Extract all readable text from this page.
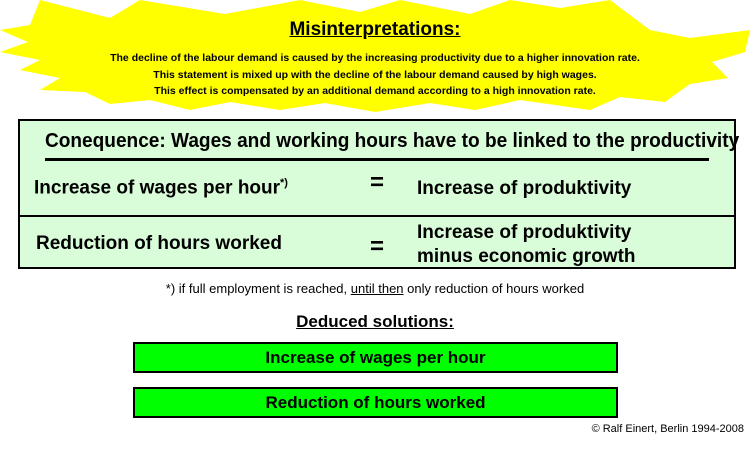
Misinterpretations:
The decline of the labour demand is caused by the increasing productivity due to a higher innovation rate.
This statement is mixed up with the decline of the labour demand caused by high wages.
This effect is compensated by an additional demand according to a high innovation rate.
Conequence: Wages and working hours have to be linked to the productivity
Increase of wages per hour*)	= Increase of produktivity
Reduction of hours worked	=
Increase of produktivity
minus economic growth
*) if full employment is reached, until then only reduction of hours worked
Deduced solutions:
Increase of wages per hour
Reduction of hours worked
© Ralf Einert, Berlin 1994-2008
